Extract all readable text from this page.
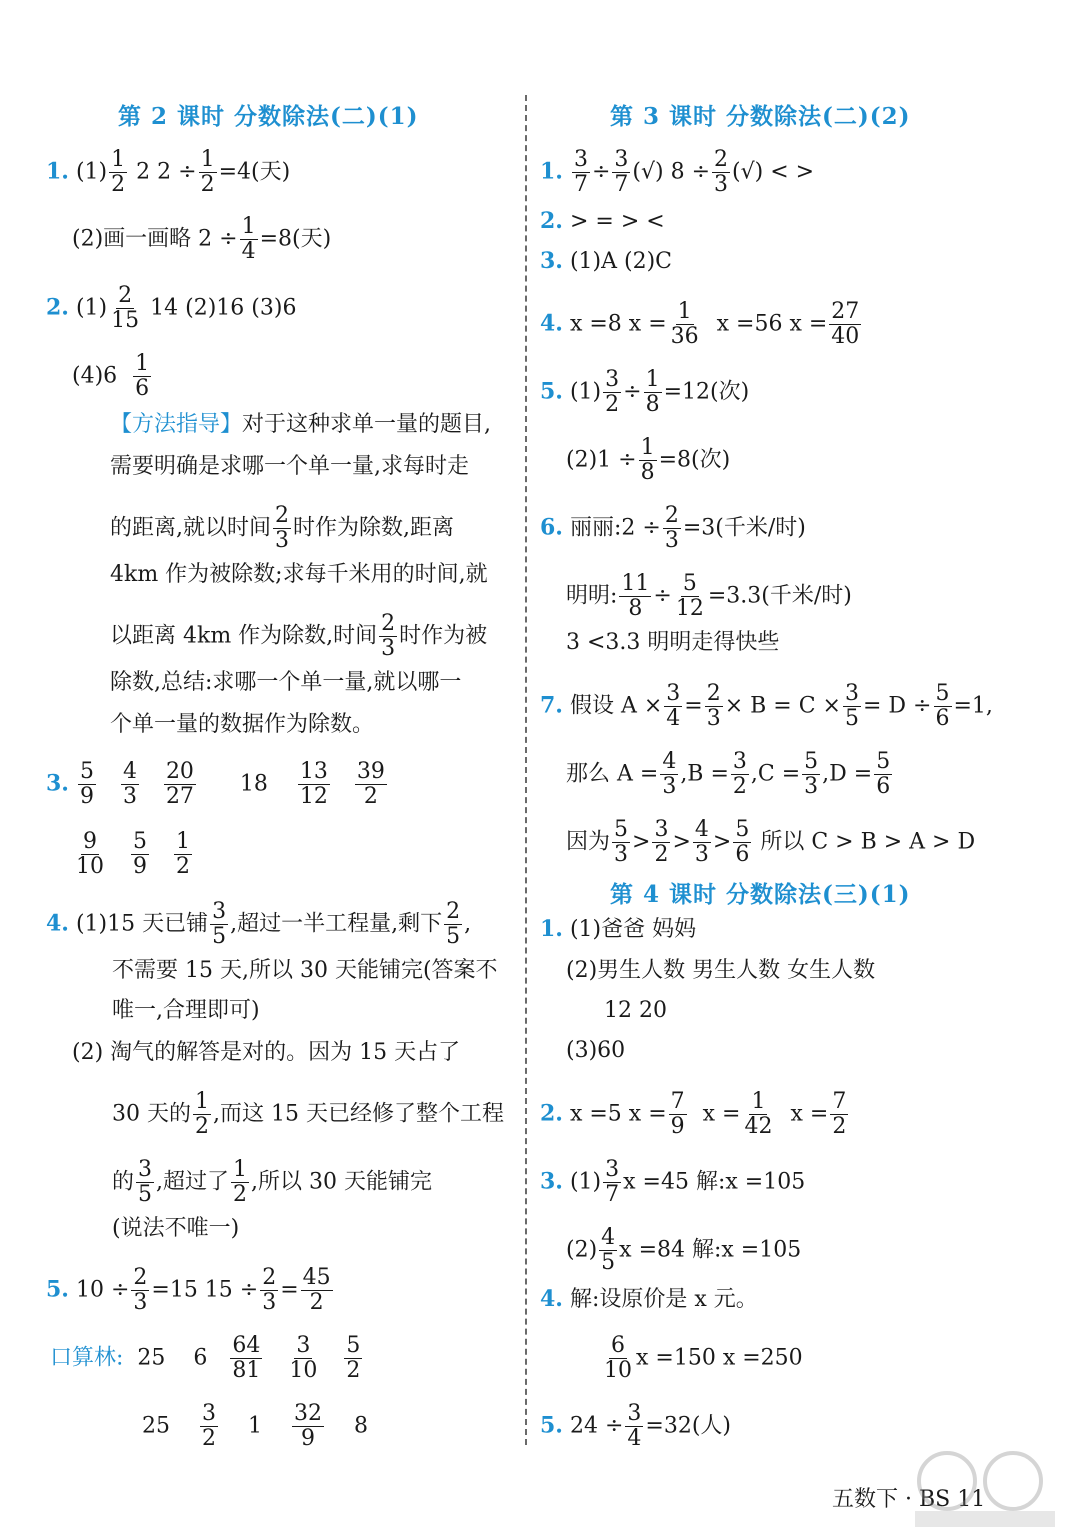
第 2 课时 分数除法(二)(1)
1. $(1) \frac{1}{2} 2$ $2 \div \frac{1}{2} =4$(天)
(2)画一画略 $2 \div \frac{1}{4} =8$(天)
2. $(1) \frac{2}{15} 14$ (2)16 (3)6
$(4)6 \frac{1}{6}$
【方法指导】对于这种求单一量的题目,
需要明确是求哪一个单一量,求每时走
的距离,就以时间 $\frac{2}{3}$ 时作为除数,距离
4km 作为被除数;求每千米用的时间,就
以距离 4km 作为除数,时间 $\frac{2}{3}$ 时作为被
除数,总结:求哪一个单一量,就以哪一
个单一量的数据作为除数。
3. $\frac{5}{9}$
$\frac{4}{3}$
$\frac{20}{27} 18 \frac{13}{12}$
$\frac{39}{2}$
$\frac{9}{10}$
$\frac{5}{9}$
$\frac{1}{2}$
4. (1)15 天已铺 $\frac{3}{5}$ ,超过一半工程量,剩下 $\frac{2}{5}$ ,
不需要 15 天,所以 30 天能铺完(答案不
唯一,合理即可)
(2) 淘气的解答是对的。因为 15 天占了
30 天的 $\frac{1}{2}$ ,而这 15 天已经修了整个工程
的 $\frac{3}{5}$ ,超过了 $\frac{1}{2}$ ,所以 30 天能铺完
(说法不唯一)
5. $10 \div \frac{2}{3} =15$ $15 \div \frac{2}{3} = \frac{45}{2}$
口算林: 25 $6 \frac{64}{81}$
$\frac{3}{10}$
$\frac{5}{2}$
$25 \frac{3}{2} 1 \frac{32}{9} 8$
第 3 课时 分数除法(二)(2)
1. $\frac{3}{7} \div \frac{3}{7}$ (√) $8 \div \frac{2}{3}$ (√) < >
2. > = > <
3. (1)A (2)C
4. x =8 $x = \frac{1}{36}$ x =56 $x = \frac{27}{40}$
5. $(1) \frac{3}{2} \div \frac{1}{8} =12$(次)
$(2)1 \div \frac{1}{8} =8$(次)
6. 丽丽:2 ÷ $\frac{2}{3} =3$(千米/时)
明明: $\frac{11}{8} \div \frac{5}{12} =3.3$(千米/时)
3 <3.3 明明走得快些
7. 假设 $A \times \frac{3}{4} = \frac{2}{3} \times B = C \times \frac{3}{5} = D \div \frac{5}{6} =1$,
那么 $A = \frac{4}{3} ,B = \frac{3}{2} ,C = \frac{5}{3} ,D = \frac{5}{6}$
因为 $\frac{5}{3} > \frac{3}{2} > \frac{4}{3} > \frac{5}{6}$ 所以 C > B > A > D
第 4 课时 分数除法(三)(1)
1. (1)爸爸 妈妈
(2)男生人数 男生人数 女生人数
12 20
(3)60
2. x =5 $x = \frac{7}{9}$ $x = \frac{1}{42}$ $x = \frac{7}{2}$
3. $(1) \frac{3}{7}$ x =45 解:x =105
$(2) \frac{4}{5}$ x =84 解:x =105
4. 解:设原价是 x 元。
$\frac{6}{10}$ x =150 x =250
5. $24 \div \frac{3}{4} =32$(人)
五数下 · BS 11
